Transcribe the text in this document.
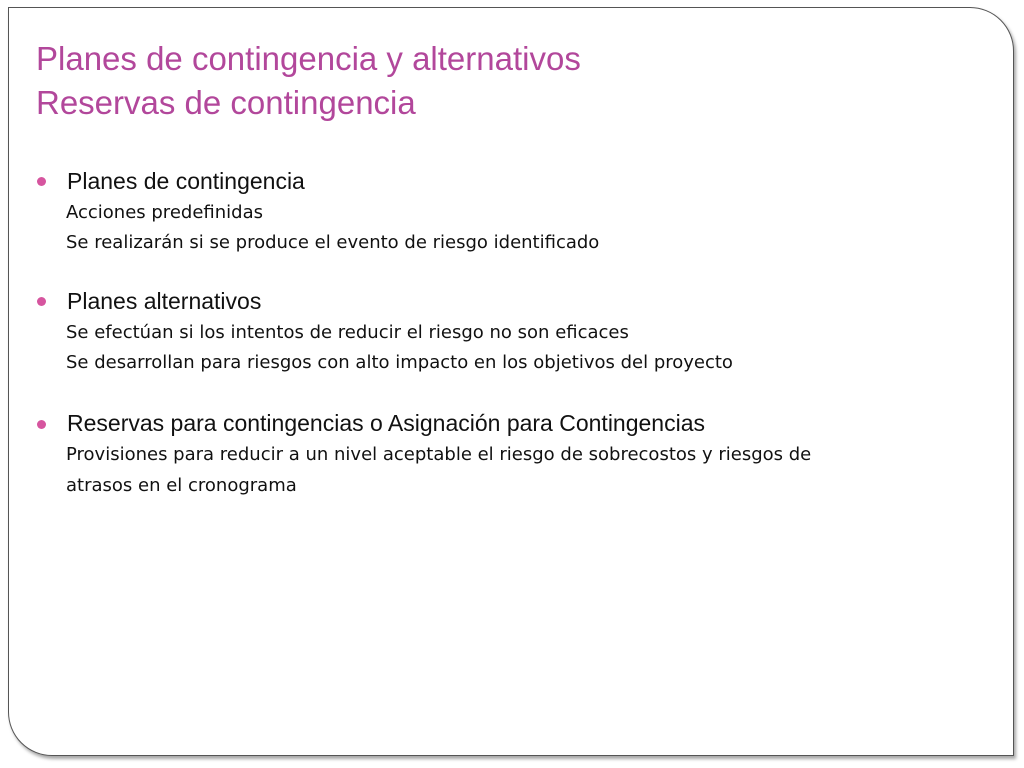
Planes de contingencia y alternativos
Reservas de contingencia
Planes de contingencia
Acciones predefinidas
Se realizarán si se produce el evento de riesgo identificado
Planes alternativos
Se efectúan si los intentos de reducir el riesgo no son eficaces
Se desarrollan para riesgos con alto impacto en los objetivos del proyecto
Reservas para contingencias o Asignación para Contingencias
Provisiones para reducir a un nivel aceptable el riesgo de sobrecostos y riesgos de
atrasos en el cronograma
